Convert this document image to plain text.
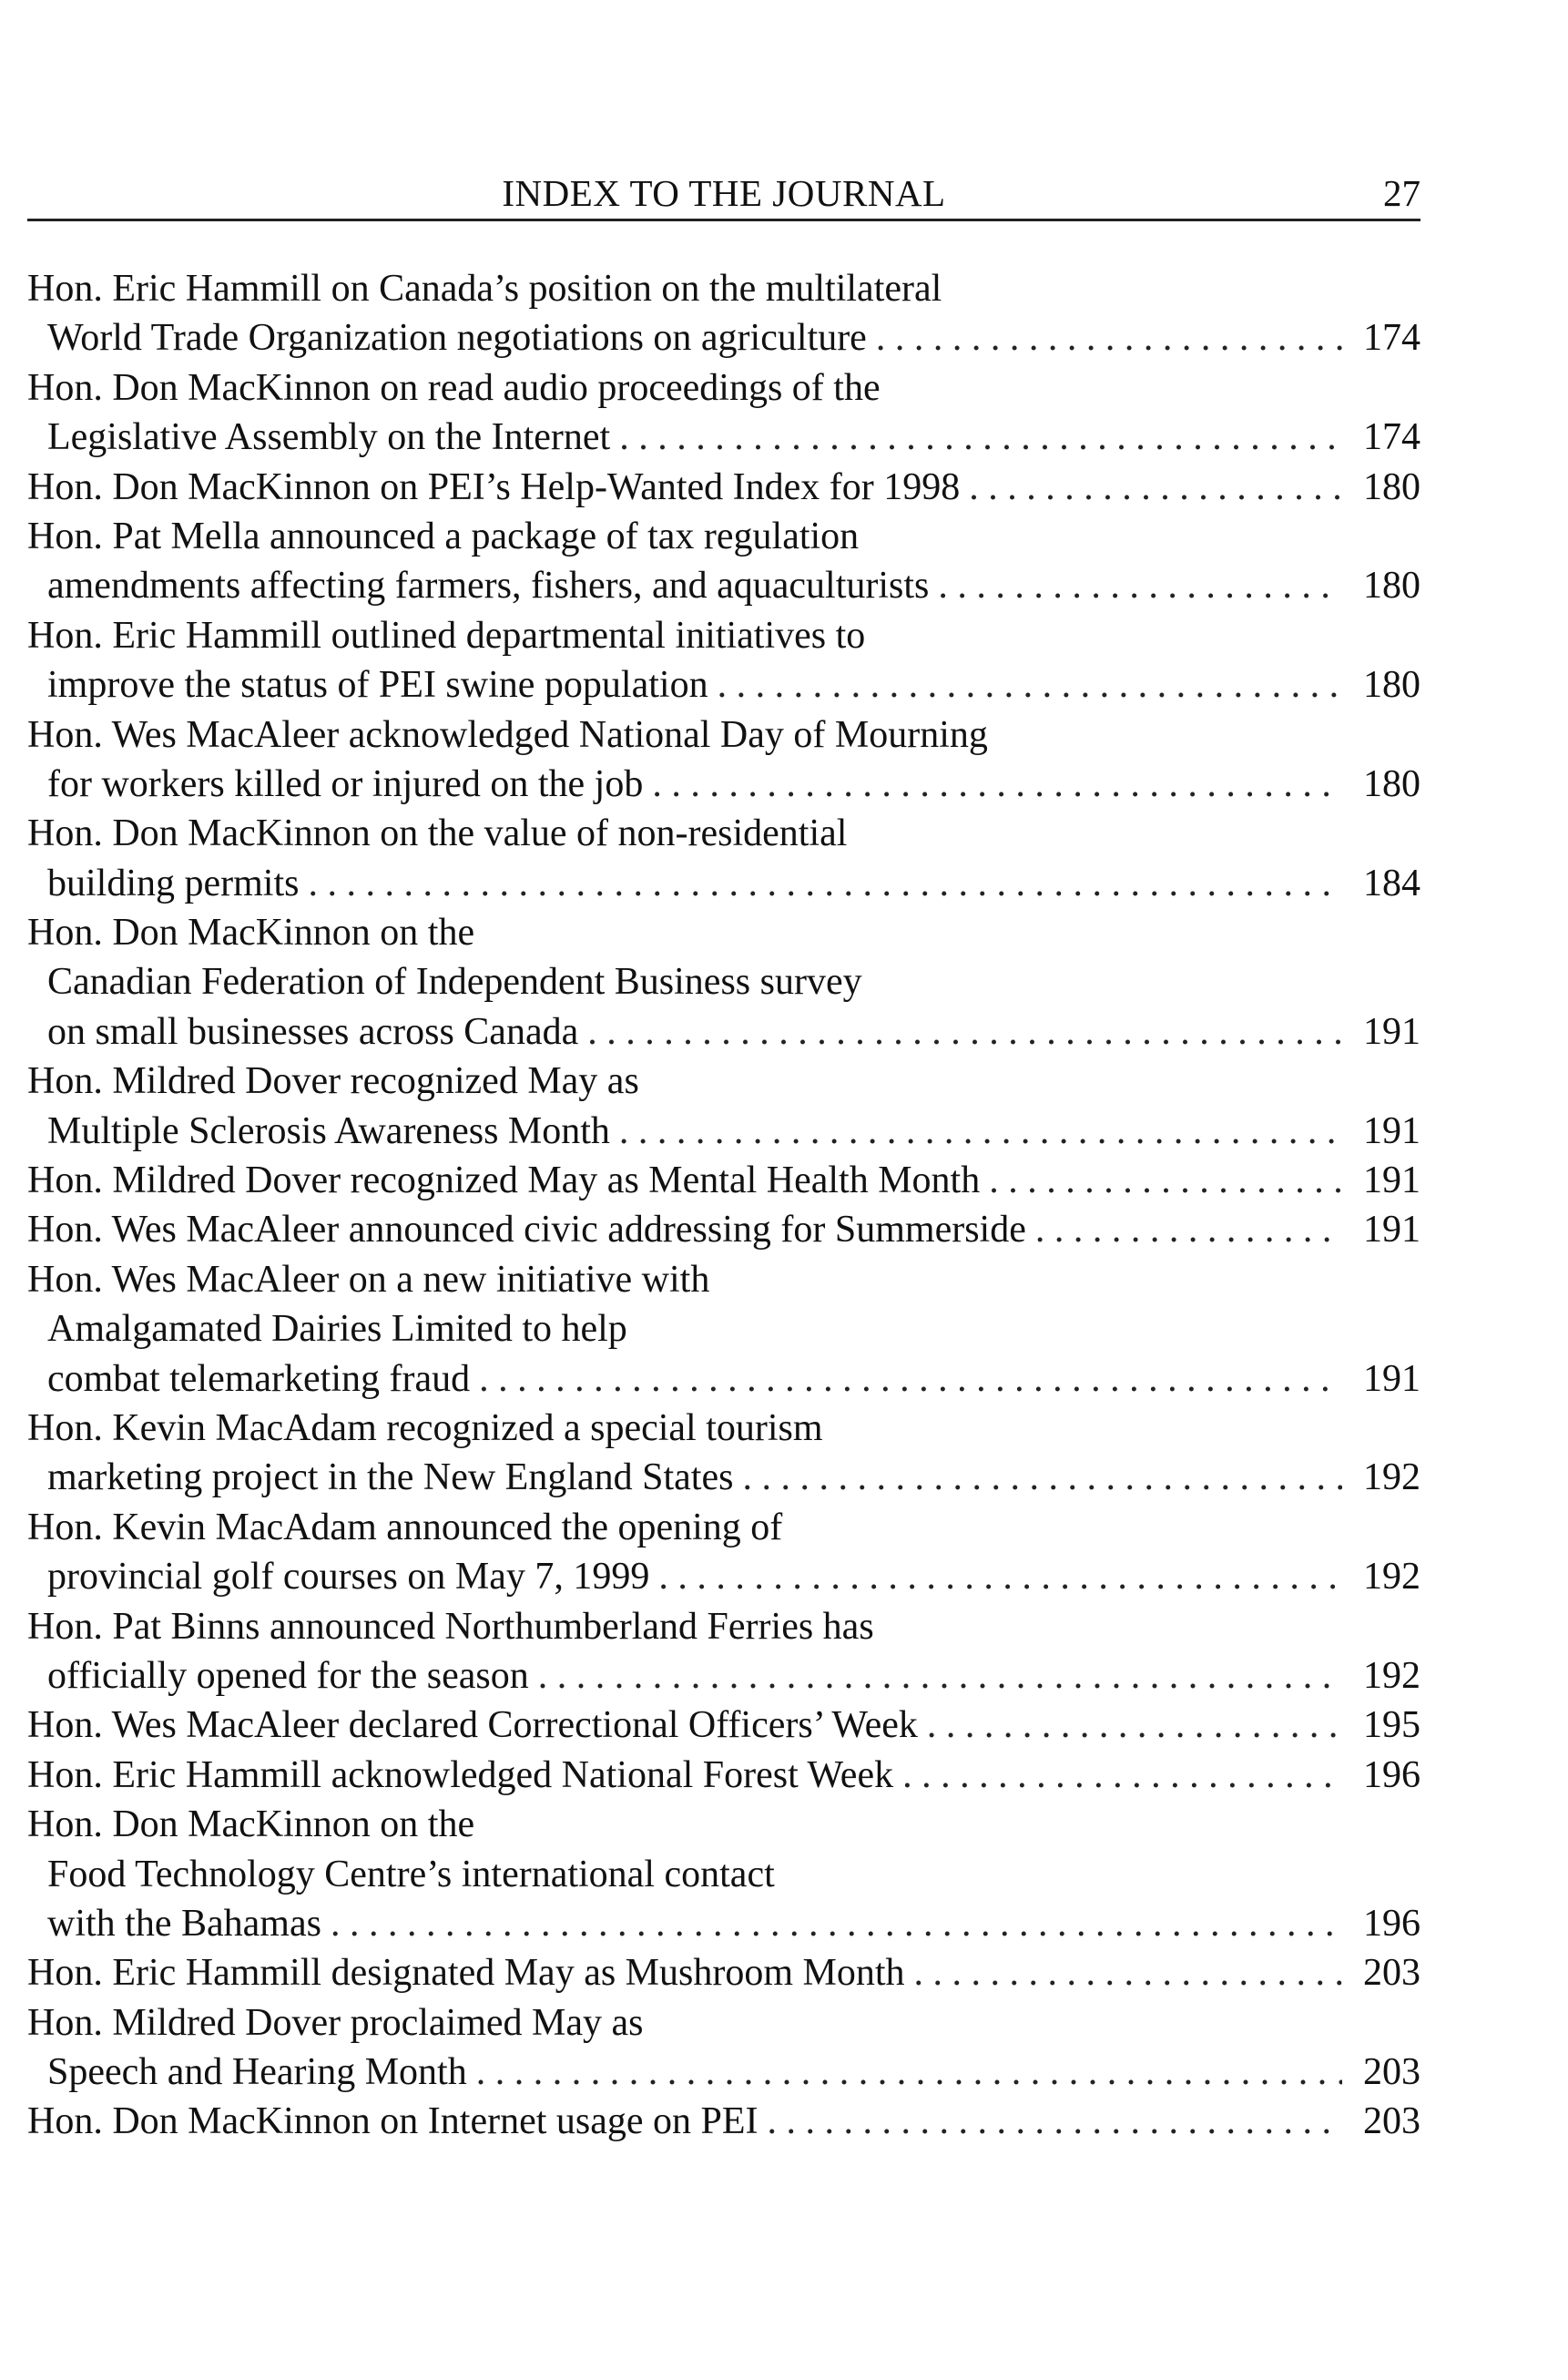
INDEX TO THE JOURNAL	27
Hon. Eric Hammill on Canada’s position on the multilateral
World Trade Organization negotiations on agriculture . . .	174
Hon. Don MacKinnon on read audio proceedings of the
Legislative Assembly on the Internet . . .	174
Hon. Don MacKinnon on PEI’s Help-Wanted Index for 1998 . . .	180
Hon. Pat Mella announced a package of tax regulation
amendments affecting farmers, fishers, and aquaculturists . . .	180
Hon. Eric Hammill outlined departmental initiatives to
improve the status of PEI swine population . . .	180
Hon. Wes MacAleer acknowledged National Day of Mourning
for workers killed or injured on the job . . .	180
Hon. Don MacKinnon on the value of non-residential
building permits . . .	184
Hon. Don MacKinnon on the
Canadian Federation of Independent Business survey
on small businesses across Canada . . .	191
Hon. Mildred Dover recognized May as
Multiple Sclerosis Awareness Month . . .	191
Hon. Mildred Dover recognized May as Mental Health Month . . .	191
Hon. Wes MacAleer announced civic addressing for Summerside . . .	191
Hon. Wes MacAleer on a new initiative with
Amalgamated Dairies Limited to help
combat telemarketing fraud . . .	191
Hon. Kevin MacAdam recognized a special tourism
marketing project in the New England States . . .	192
Hon. Kevin MacAdam announced the opening of
provincial golf courses on May 7, 1999 . . .	192
Hon. Pat Binns announced Northumberland Ferries has
officially opened for the season . . .	192
Hon. Wes MacAleer declared Correctional Officers’ Week . . .	195
Hon. Eric Hammill acknowledged National Forest Week . . .	196
Hon. Don MacKinnon on the
Food Technology Centre’s international contact
with the Bahamas . . .	196
Hon. Eric Hammill designated May as Mushroom Month . . .	203
Hon. Mildred Dover proclaimed May as
Speech and Hearing Month . . .	203
Hon. Don MacKinnon on Internet usage on PEI . . .	203
